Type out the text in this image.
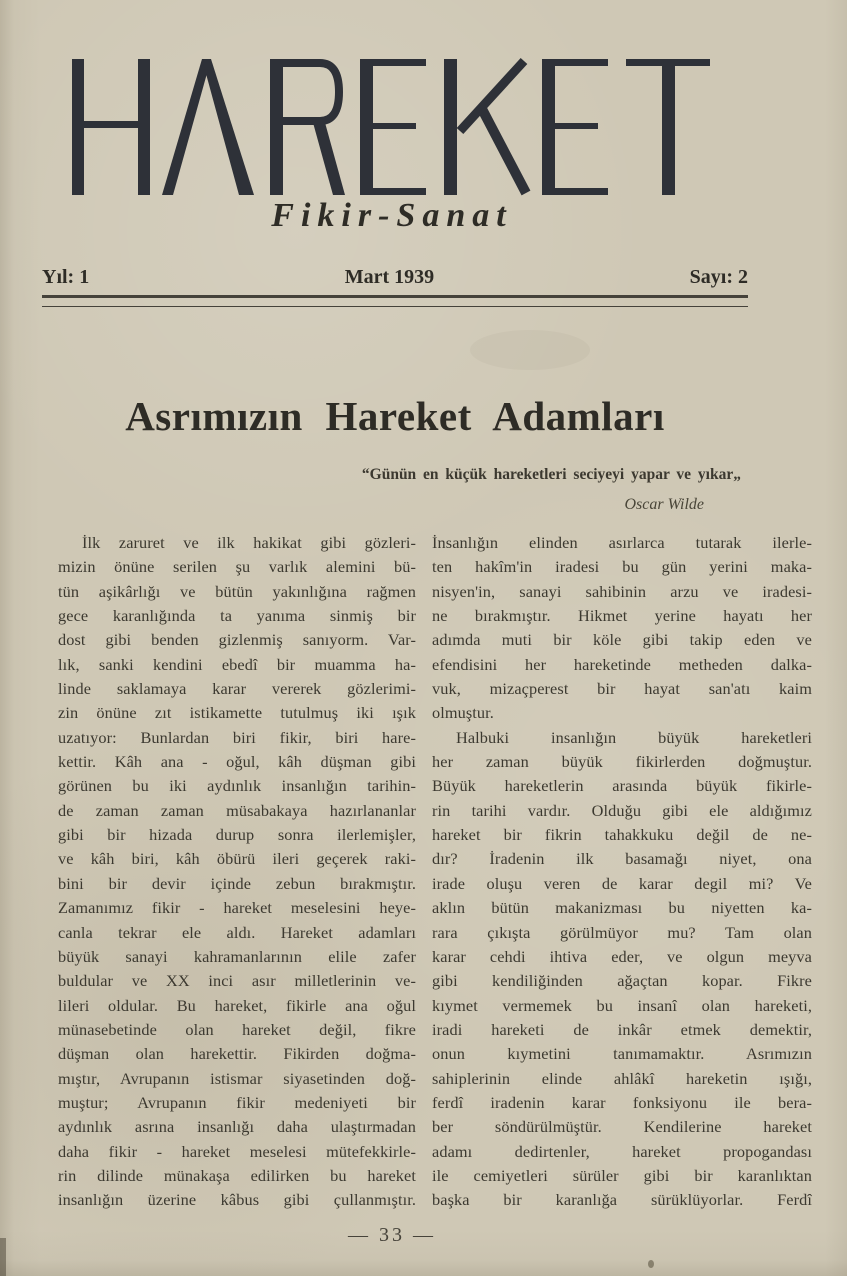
Fikir-Sanat
Yıl: 1	Mart 1939	Sayı: 2
Asrımızın Hareket Adamları
“Günün en küçük hareketleri seciyeyi yapar ve yıkar„
Oscar Wilde
İlk zaruret ve ilk hakikat gibi gözleri-
mizin önüne serilen şu varlık alemini bü-
tün aşikârlığı ve bütün yakınlığına rağmen
gece karanlığında ta yanıma sinmiş bir
dost gibi benden gizlenmiş sanıyorm. Var-
lık, sanki kendini ebedî bir muamma ha-
linde saklamaya karar vererek gözlerimi-
zin önüne zıt istikamette tutulmuş iki ışık
uzatıyor: Bunlardan biri fikir, biri hare-
kettir. Kâh ana - oğul, kâh düşman gibi
görünen bu iki aydınlık insanlığın tarihin-
de zaman zaman müsabakaya hazırlananlar
gibi bir hizada durup sonra ilerlemişler,
ve kâh biri, kâh öbürü ileri geçerek raki-
bini bir devir içinde zebun bırakmıştır.
Zamanımız fikir - hareket meselesini heye-
canla tekrar ele aldı. Hareket adamları
büyük sanayi kahramanlarının elile zafer
buldular ve XX inci asır milletlerinin ve-
lileri oldular. Bu hareket, fikirle ana oğul
münasebetinde olan hareket değil, fikre
düşman olan harekettir. Fikirden doğma-
mıştır, Avrupanın istismar siyasetinden doğ-
muştur; Avrupanın fikir medeniyeti bir
aydınlık asrına insanlığı daha ulaştırmadan
daha fikir - hareket meselesi mütefekkirle-
rin dilinde münakaşa edilirken bu hareket
insanlığın üzerine kâbus gibi çullanmıştır.
İnsanlığın elinden asırlarca tutarak ilerle-
ten hakîm'in iradesi bu gün yerini maka-
nisyen'in, sanayi sahibinin arzu ve iradesi-
ne bırakmıştır. Hikmet yerine hayatı her
adımda muti bir köle gibi takip eden ve
efendisini her hareketinde metheden dalka-
vuk, mizaçperest bir hayat san'atı kaim
olmuştur.
Halbuki insanlığın büyük hareketleri
her zaman büyük fikirlerden doğmuştur.
Büyük hareketlerin arasında büyük fikirle-
rin tarihi vardır. Olduğu gibi ele aldığımız
hareket bir fikrin tahakkuku değil de ne-
dır? İradenin ilk basamağı niyet, ona
irade oluşu veren de karar degil mi? Ve
aklın bütün makanizması bu niyetten ka-
rara çıkışta görülmüyor mu? Tam olan
karar cehdi ihtiva eder, ve olgun meyva
gibi kendiliğinden ağaçtan kopar. Fikre
kıymet vermemek bu insanî olan hareketi,
iradi hareketi de inkâr etmek demektir,
onun kıymetini tanımamaktır. Asrımızın
sahiplerinin elinde ahlâkî hareketin ışığı,
ferdî iradenin karar fonksiyonu ile bera-
ber söndürülmüştür. Kendilerine hareket
adamı dedirtenler, hareket propogandası
ile cemiyetleri sürüler gibi bir karanlıktan
başka bir karanlığa sürüklüyorlar. Ferdî
— 33 —
